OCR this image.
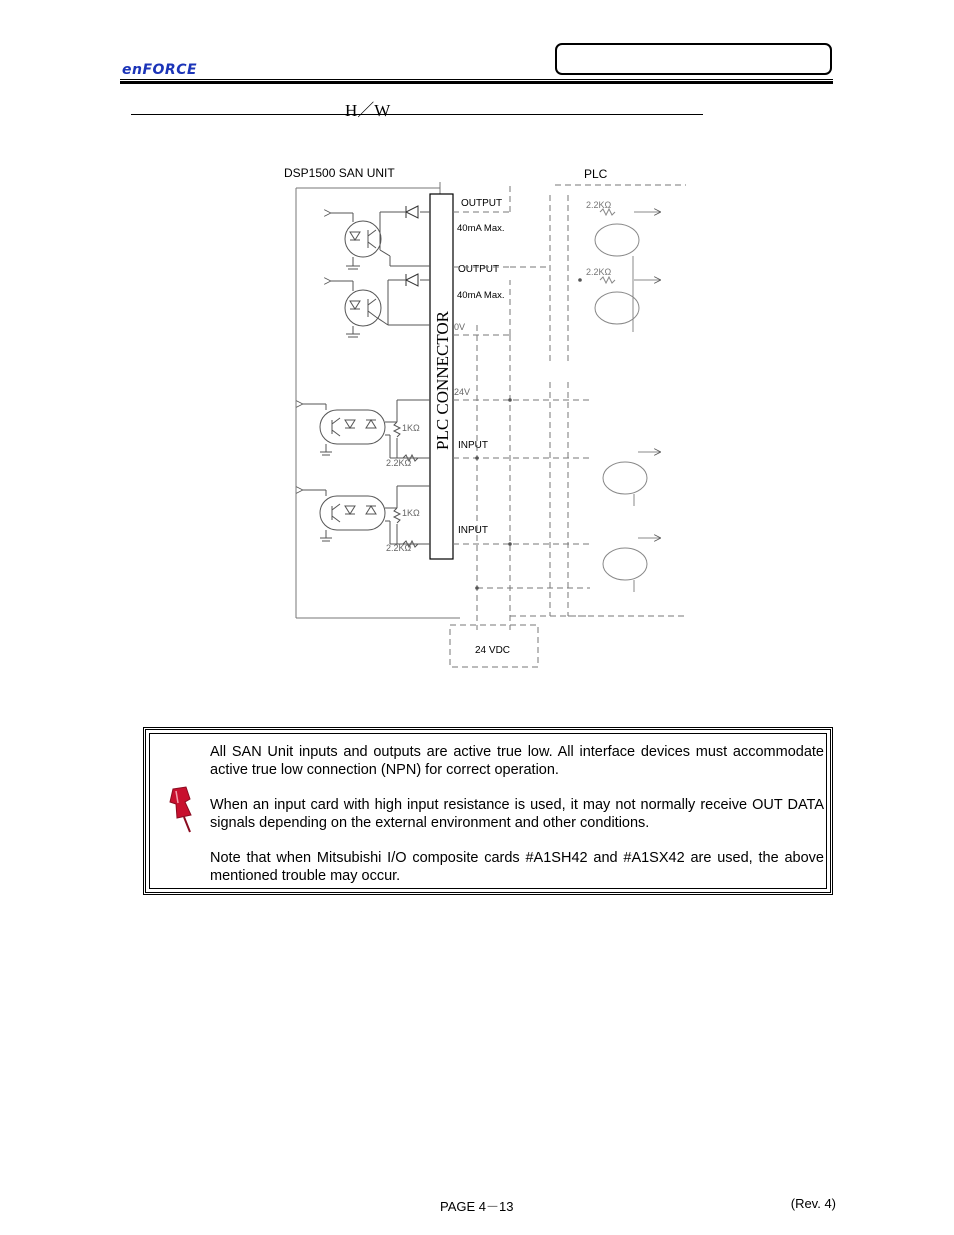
enFORCE
H／W
DSP1500 SAN UNIT	PLC
PLC CONNECTOR
OUTPUT
40mA Max.
OUTPUT
40mA Max.
0V
24V
INPUT
INPUT
1KΩ
2.2KΩ
1KΩ
2.2KΩ
24 VDC
2.2KΩ
2.2KΩ

All SAN Unit inputs and outputs are active true low. All interface devices must accommodate active true low connection (NPN) for correct operation.

When an input card with high input resistance is used, it may not normally receive OUT DATA signals depending on the external environment and other conditions.

Note that when Mitsubishi I/O composite cards #A1SH42 and #A1SX42 are used, the above mentioned trouble may occur.

PAGE 4－13	(Rev. 4)
